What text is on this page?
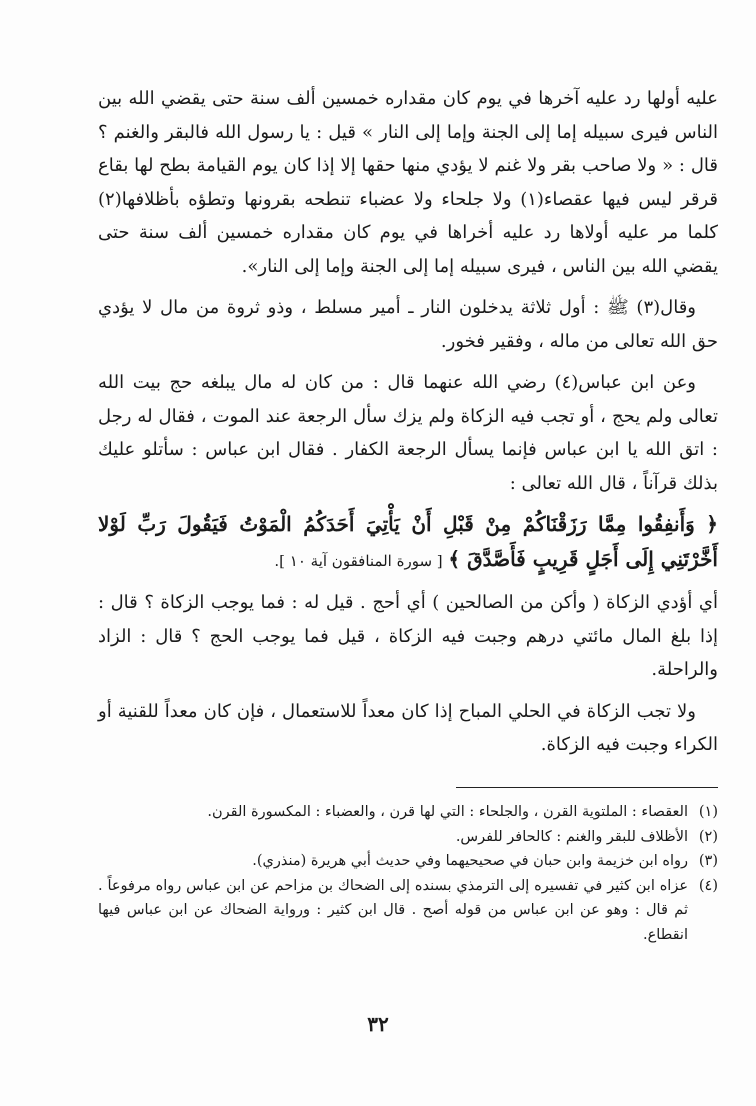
عليه أولها رد عليه آخرها في يوم كان مقداره خمسين ألف سنة حتى يقضي الله بين الناس فيرى سبيله إما إلى الجنة وإما إلى النار » قيل : يا رسول الله فالبقر والغنم ؟ قال : « ولا صاحب بقر ولا غنم لا يؤدي منها حقها إلا إذا كان يوم القيامة بطح لها بقاع قرقر ليس فيها عقصاء(١) ولا جلحاء ولا عضباء تنطحه بقرونها وتطؤه بأظلافها(٢) كلما مر عليه أولاها رد عليه أخراها في يوم كان مقداره خمسين ألف سنة حتى يقضي الله بين الناس ، فيرى سبيله إما إلى الجنة وإما إلى النار».

وقال(٣) ﷺ : أول ثلاثة يدخلون النار ـ أمير مسلط ، وذو ثروة من مال لا يؤدي حق الله تعالى من ماله ، وفقير فخور.

وعن ابن عباس(٤) رضي الله عنهما قال : من كان له مال يبلغه حج بيت الله تعالى ولم يحج ، أو تجب فيه الزكاة ولم يزك سأل الرجعة عند الموت ، فقال له رجل : اتق الله يا ابن عباس فإنما يسأل الرجعة الكفار . فقال ابن عباس : سأتلو عليك بذلك قرآناً ، قال الله تعالى :

﴿ وَأَنفِقُوا مِمَّا رَزَقْنَاكُمْ مِنْ قَبْلِ أَنْ يَأْتِيَ أَحَدَكُمُ الْمَوْتُ فَيَقُولَ رَبِّ لَوْلا أَخَّرْتَنِي إِلَى أَجَلٍ قَرِيبٍ فَأَصَّدَّقَ ﴾ [ سورة المنافقون آية ١٠ ].

أي أؤدي الزكاة ( وأكن من الصالحين ) أي أحج . قيل له : فما يوجب الزكاة ؟ قال : إذا بلغ المال مائتي درهم وجبت فيه الزكاة ، قيل فما يوجب الحج ؟ قال : الزاد والراحلة.

ولا تجب الزكاة في الحلي المباح إذا كان معداً للاستعمال ، فإن كان معداً للقنية أو الكراء وجبت فيه الزكاة.

(١)
العقصاء : الملتوية القرن ، والجلحاء : التي لها قرن ، والعضباء : المكسورة القرن.
(٢)
الأظلاف للبقر والغنم : كالحافر للفرس.
(٣)
رواه ابن خزيمة وابن حبان في صحيحيهما وفي حديث أبي هريرة (منذري).
(٤)
عزاه ابن كثير في تفسيره إلى الترمذي بسنده إلى الضحاك بن مزاحم عن ابن عباس رواه مرفوعاً . ثم قال : وهو عن ابن عباس من قوله أصح . قال ابن كثير : ورواية الضحاك عن ابن عباس فيها انقطاع.
٣٢
